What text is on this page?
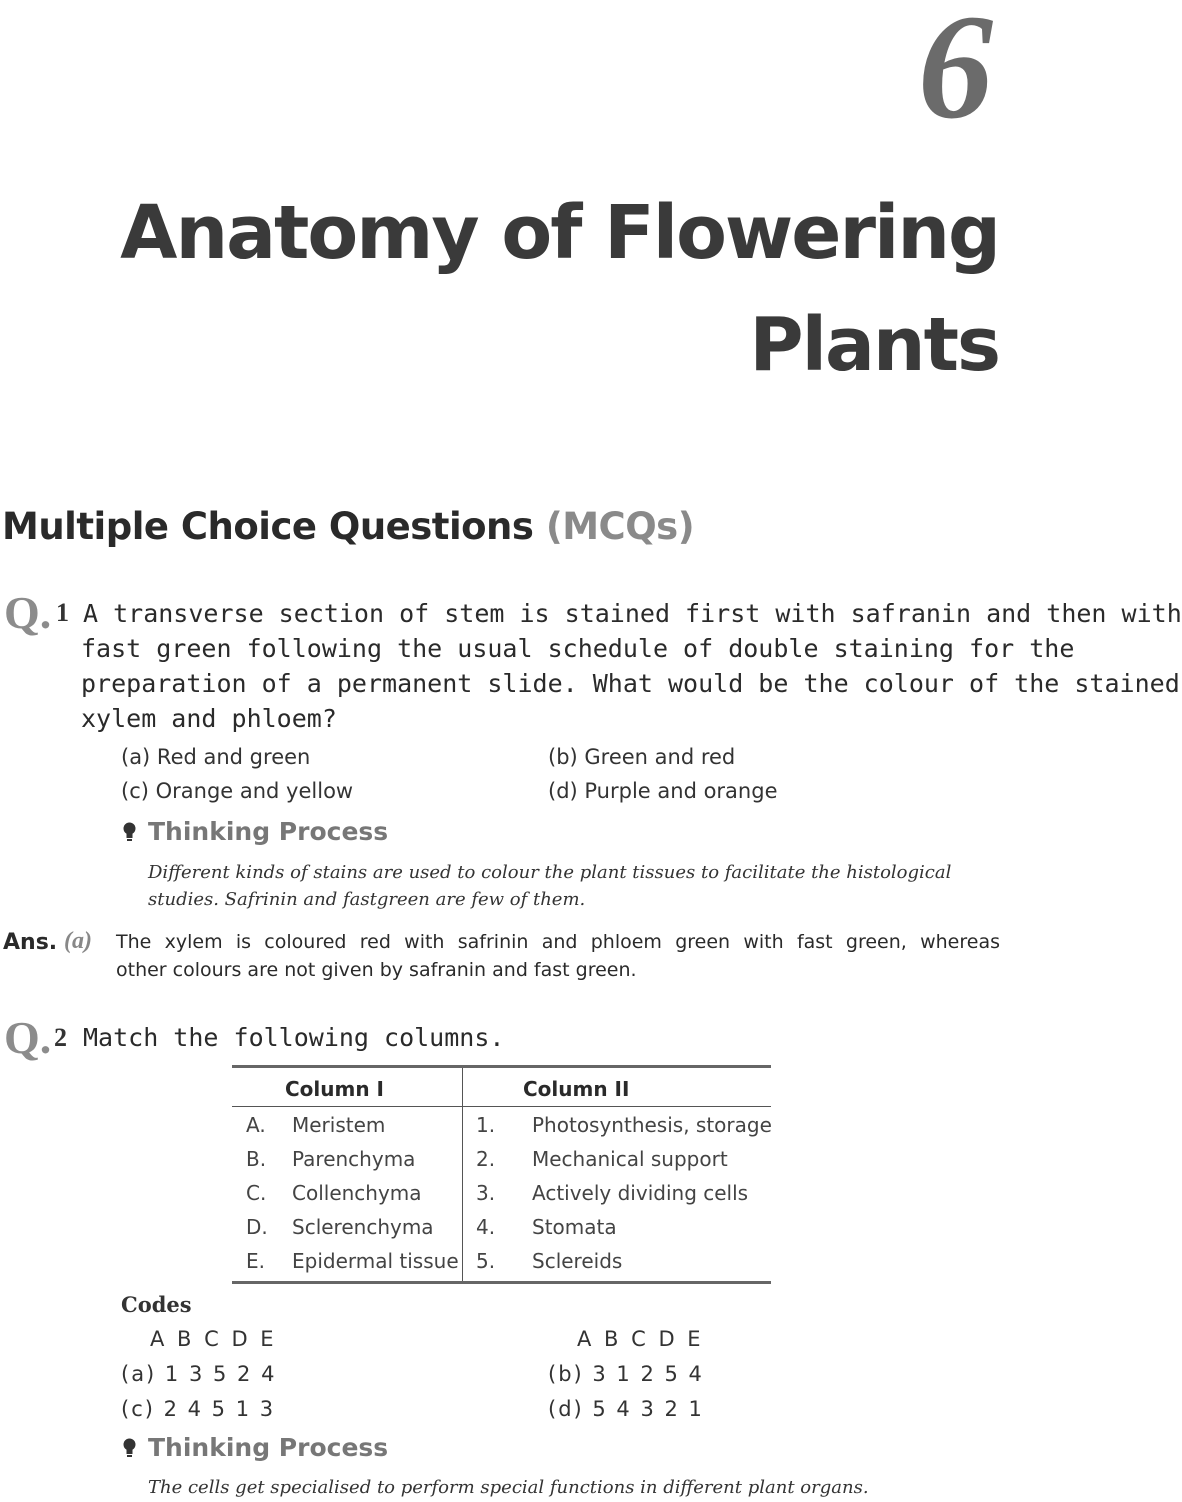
6
Anatomy of Flowering
Plants
Multiple Choice Questions (MCQs)
Q. 1 A transverse section of stem is stained first with safranin and then with
fast green following the usual schedule of double staining for the
preparation of a permanent slide. What would be the colour of the stained
xylem and phloem?
(a) Red and green	(b) Green and red
(c) Orange and yellow	(d) Purple and orange
Thinking Process
Different kinds of stains are used to colour the plant tissues to facilitate the histological
studies. Safrinin and fastgreen are few of them.
Ans. (a) The xylem is coloured red with safrinin and phloem green with fast green, whereas
other colours are not given by safranin and fast green.
Q. 2 Match the following columns.
Column I	Column II
A. Meristem	1. Photosynthesis, storage
B. Parenchyma	2. Mechanical support
C. Collenchyma	3. Actively dividing cells
D. Sclerenchyma 4. Stomata
E. Epidermal tissue 5. Sclereids
Codes
A B C D E	A B C D E
(a) 1 3 5 2 4	(b) 3 1 2 5 4
(c) 2 4 5 1 3	(d) 5 4 3 2 1
Thinking Process
The cells get specialised to perform special functions in different plant organs.
